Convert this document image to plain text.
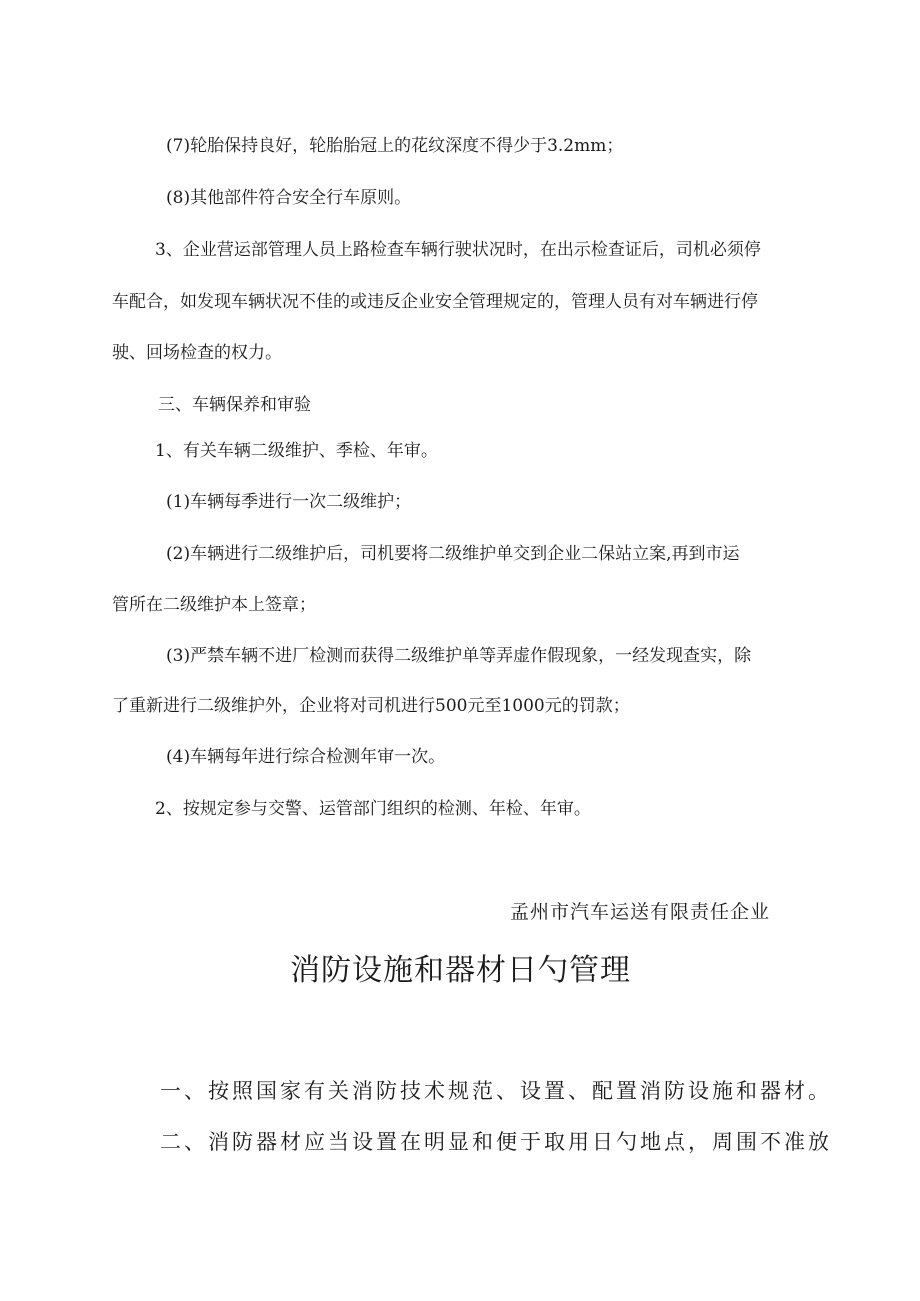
(7)轮胎保持良好，轮胎胎冠上的花纹深度不得少于3.2mm；
(8)其他部件符合安全行车原则。
3、企业营运部管理人员上路检查车辆行驶状况时，在出示检查证后，司机必须停
车配合，如发现车辆状况不佳的或违反企业安全管理规定的，管理人员有对车辆进行停
驶、回场检查的权力。
三、车辆保养和审验
1、有关车辆二级维护、季检、年审。
(1)车辆每季进行一次二级维护；
(2)车辆进行二级维护后，司机要将二级维护单交到企业二保站立案,再到市运
管所在二级维护本上签章；
(3)严禁车辆不进厂检测而获得二级维护单等弄虚作假现象，一经发现查实，除
了重新进行二级维护外，企业将对司机进行500元至1000元的罚款；
(4)车辆每年进行综合检测年审一次。
2、按规定参与交警、运管部门组织的检测、年检、年审。
孟州市汽车运送有限责任企业
消防设施和器材日勺管理
一、按照国家有关消防技术规范、设置、配置消防设施和器材。
二、消防器材应当设置在明显和便于取用日勺地点，周围不准放
